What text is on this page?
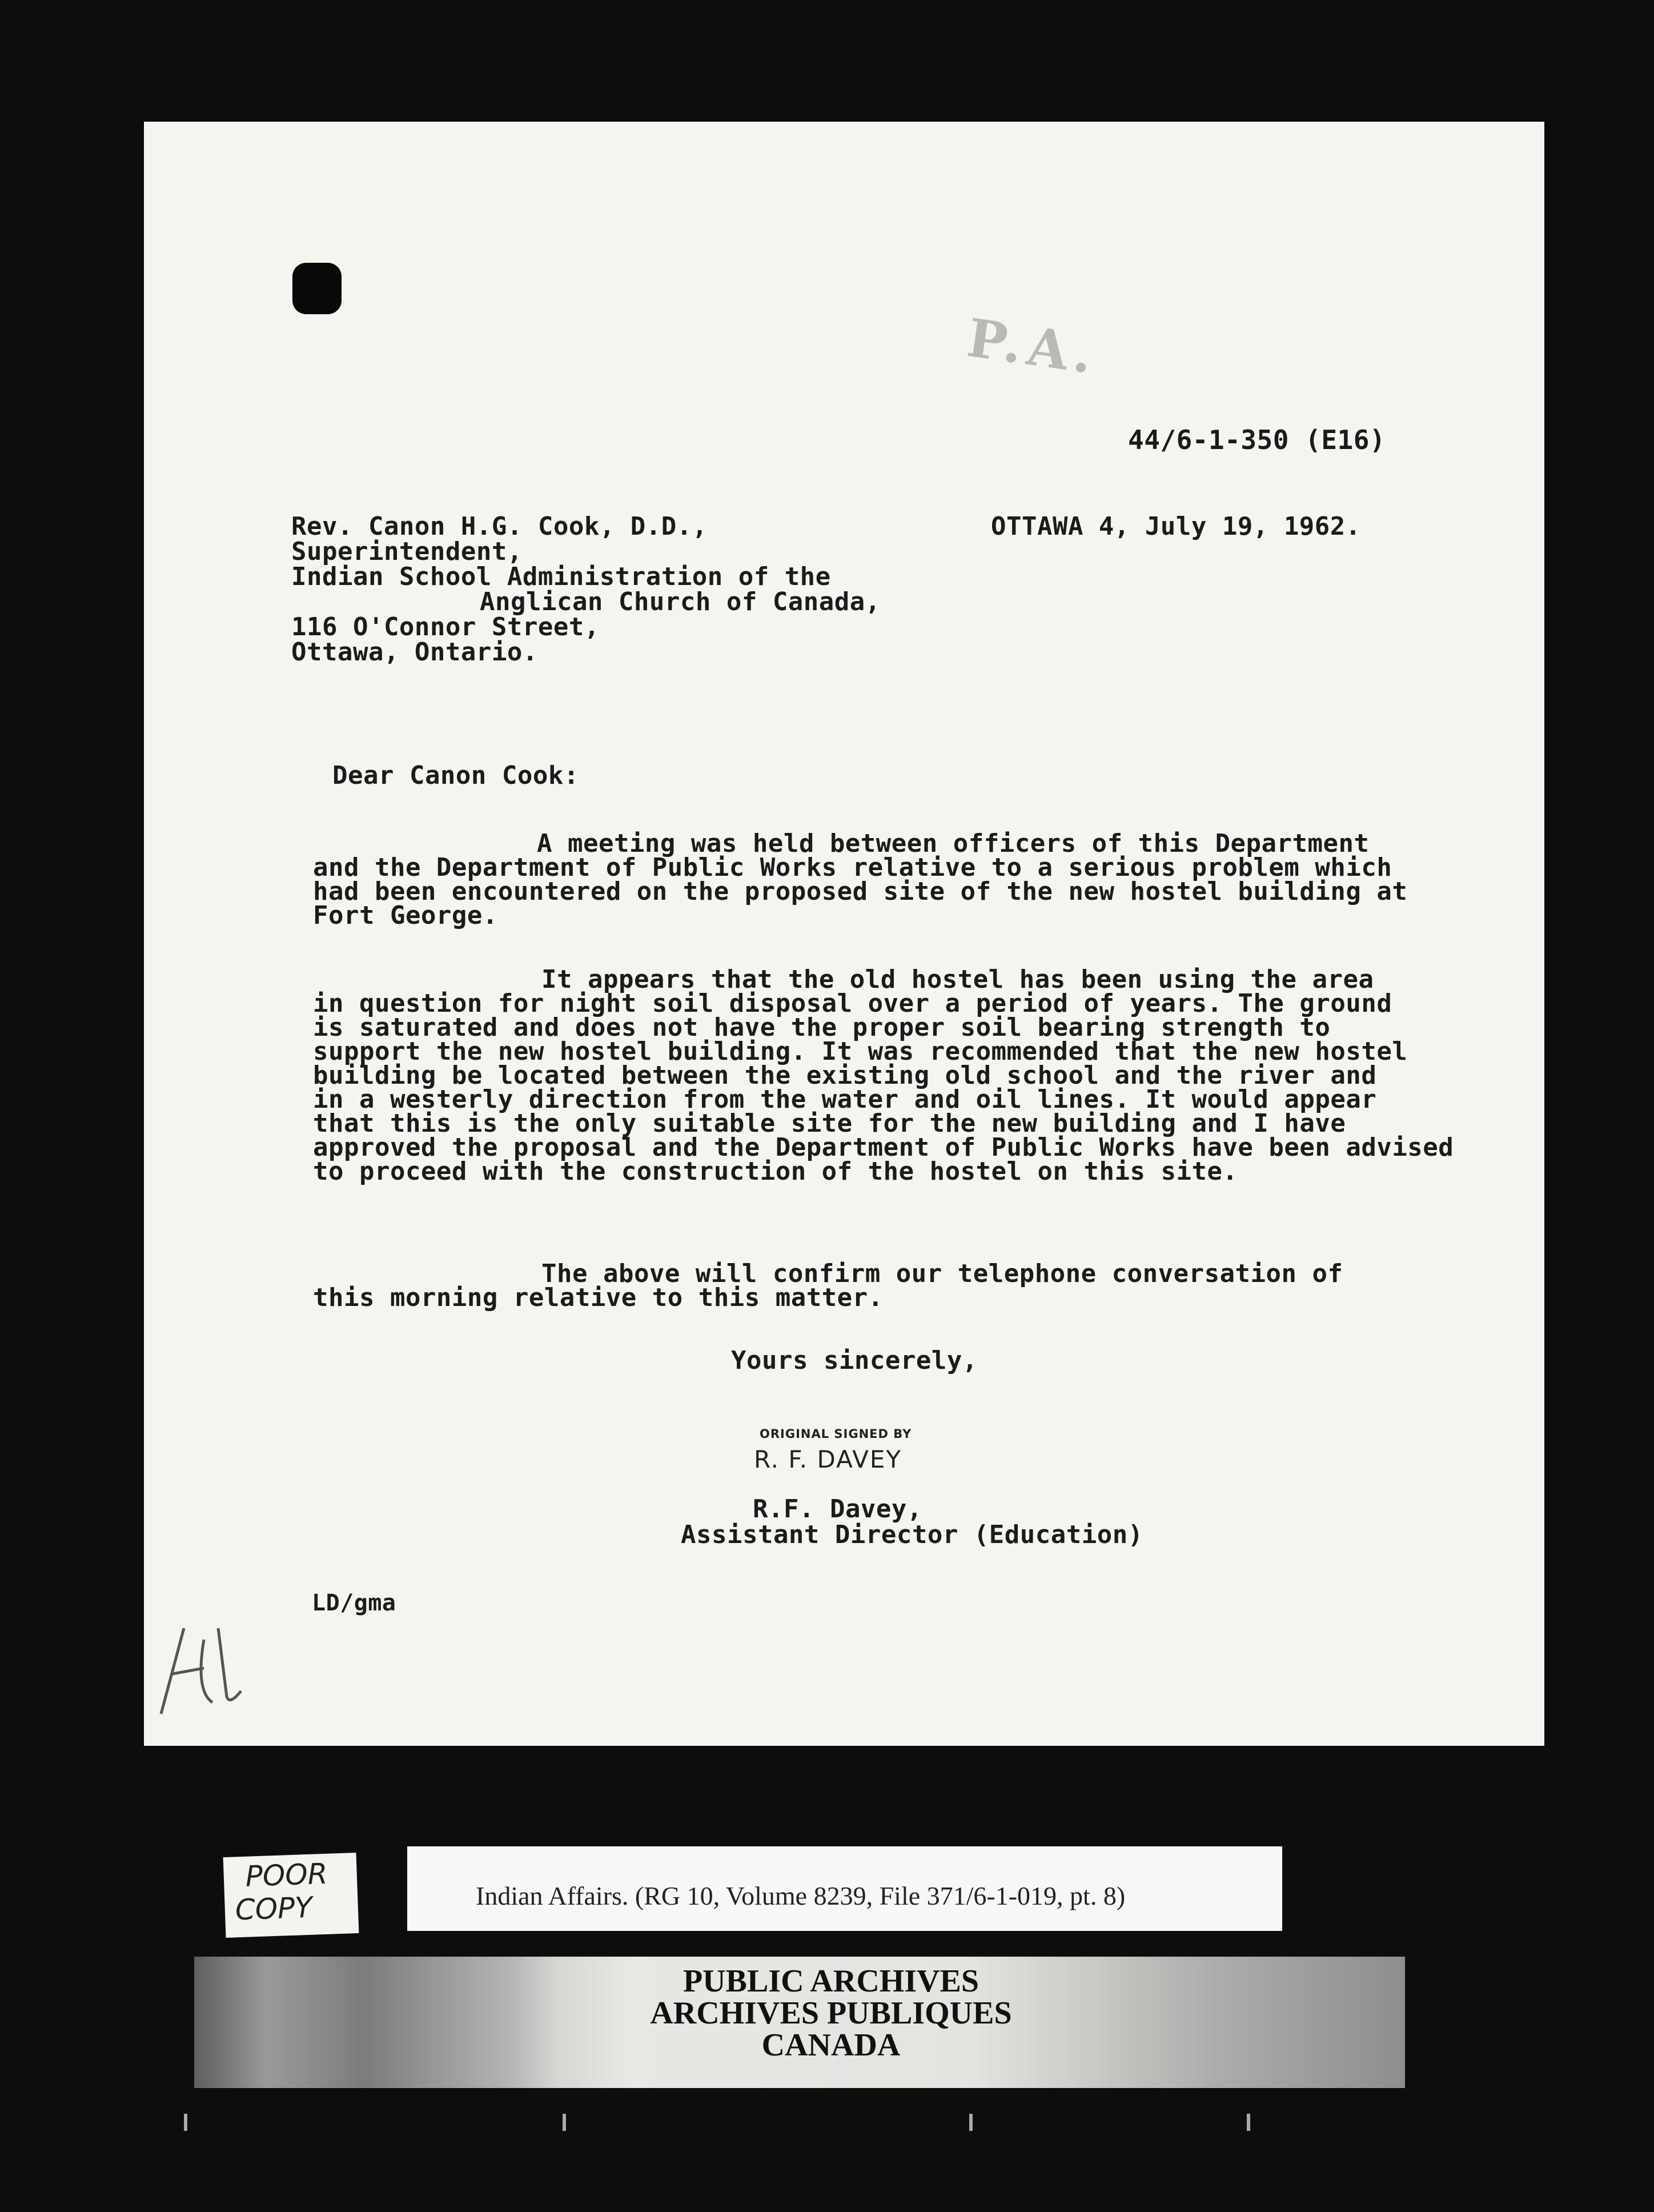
P.A.
44/6-1-350 (E16)
OTTAWA 4, July 19, 1962.
Rev. Canon H.G. Cook, D.D.,
Superintendent,
Indian School Administration of the
Anglican Church of Canada,
116 O'Connor Street,
Ottawa, Ontario.
Dear Canon Cook:
A meeting was held between officers of this Department
and the Department of Public Works relative to a serious problem which
had been encountered on the proposed site of the new hostel building at
Fort George.
It appears that the old hostel has been using the area
in question for night soil disposal over a period of years. The ground
is saturated and does not have the proper soil bearing strength to
support the new hostel building. It was recommended that the new hostel
building be located between the existing old school and the river and
in a westerly direction from the water and oil lines. It would appear
that this is the only suitable site for the new building and I have
approved the proposal and the Department of Public Works have been advised
to proceed with the construction of the hostel on this site.
The above will confirm our telephone conversation of
this morning relative to this matter.
Yours sincerely,
ORIGINAL SIGNED BY
R. F. DAVEY
R.F. Davey,
Assistant Director (Education)
LD/gma
POOR
COPY	Indian Affairs. (RG 10, Volume 8239, File 371/6-1-019, pt. 8)
PUBLIC ARCHIVES
ARCHIVES PUBLIQUES
CANADA
